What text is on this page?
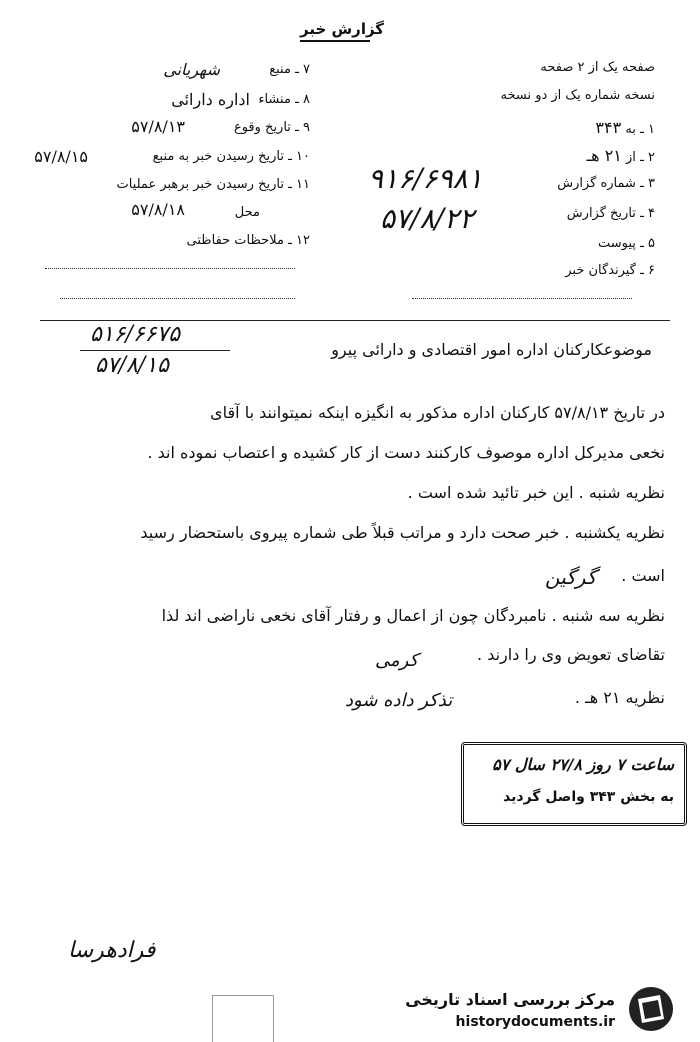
گزارش خبر
۷ ـ منبع
شهریانی
۸ ـ منشاء
اداره دارائی
۹ ـ تاریخ وقوع
۵۷/۸/۱۳
۱۰ ـ تاریخ رسیدن خبر به منبع
۵۷/۸/۱۵
۱۱ ـ تاریخ رسیدن خبر برهبر عملیات
محل
۵۷/۸/۱۸
۱۲ ـ ملاحظات حفاظتی
صفحه یک از ۲ صفحه
نسخه شماره یک از دو نسخه
۱ ـ به ۳۴۳
۲ ـ از ۲۱ هـ
۳ ـ شماره گزارش
۹۱۶/۶۹۸۱
۴ ـ تاریخ گزارش
۵۷/۸/۲۲
۵ ـ پیوست
۶ ـ گیرندگان خبر
۵۱۶/۶۶۷۵
۵۷/۸/۱۵
موضوعکارکنان اداره امور اقتصادی و دارائی پیرو
در تاریخ ۵۷/۸/۱۳ کارکنان اداره مذکور به انگیزه اینکه نمیتوانند با آقای
نخعی مدیرکل اداره موصوف کارکنند دست از کار کشیده و اعتصاب نموده اند .
نظریه شنبه . این خبر تائید شده است .
نظریه یکشنبه . خبر صحت دارد و مراتب قبلاً طی شماره پیروی باستحضار رسید
است .
گرگین
نظریه سه شنبه . نامبردگان چون از اعمال و رفتار آقای نخعی ناراضی اند لذا
تقاضای تعویض وی را دارند .
کرمی
نظریه ۲۱ هـ .
تذکر داده شود
ساعت ۷ روز ۲۷/۸ سال ۵۷
به بخش ۳۴۳ واصل گردید
فرادهرسا
مرکز بررسی اسناد تاریخی
historydocuments.ir
